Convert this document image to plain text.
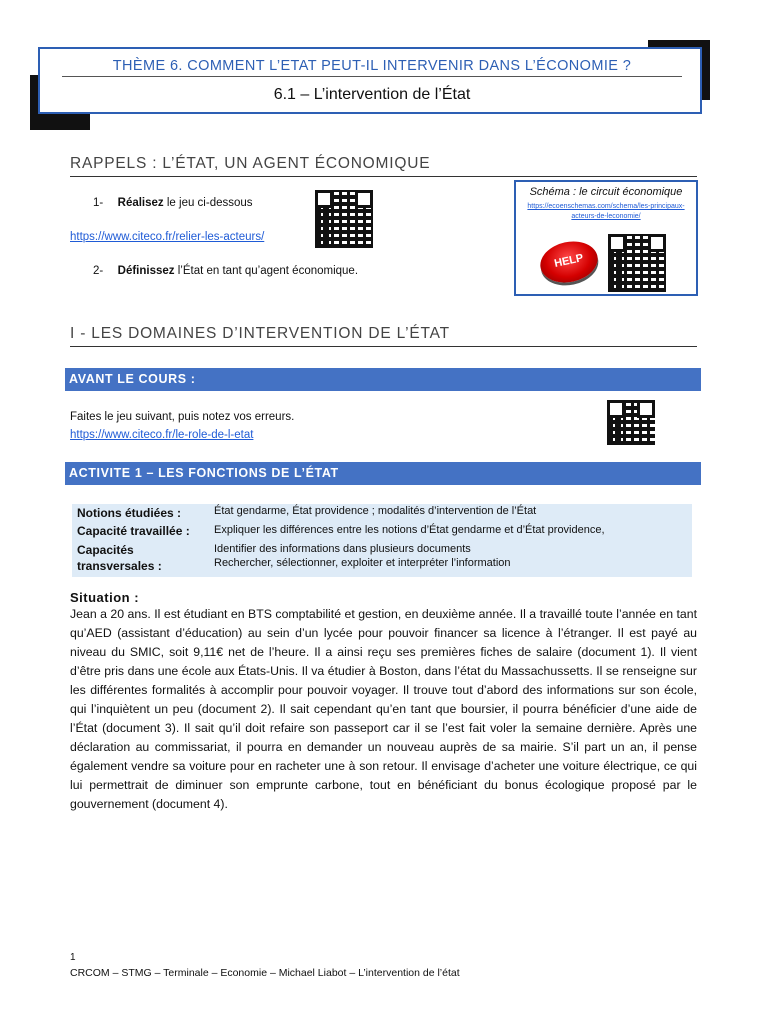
THÈME 6. COMMENT L’ETAT PEUT-IL INTERVENIR DANS L’ÉCONOMIE ?
6.1 – L’intervention de l’État
RAPPELS : L’ÉTAT, UN AGENT ÉCONOMIQUE
1- Réalisez le jeu ci-dessous
https://www.citeco.fr/relier-les-acteurs/
2- Définissez l’État en tant qu’agent économique.
Schéma : le circuit économique
https://ecoenschemas.com/schema/les-principaux-acteurs-de-leconomie/
HELP
I - LES DOMAINES D’INTERVENTION DE L’ÉTAT
AVANT LE COURS :
Faites le jeu suivant, puis notez vos erreurs.
https://www.citeco.fr/le-role-de-l-etat
ACTIVITE 1 – LES FONCTIONS DE L’ÉTAT
Notions étudiées :	État gendarme, État providence ; modalités d’intervention de l’État
Capacité travaillée : Expliquer les différences entre les notions d’État gendarme et d’État providence,
Capacités transversales :
Identifier des informations dans plusieurs documents
Rechercher, sélectionner, exploiter et interpréter l’information
Situation :
Jean a 20 ans. Il est étudiant en BTS comptabilité et gestion, en deuxième année. Il a travaillé toute l’année en tant qu’AED (assistant d’éducation) au sein d’un lycée pour pouvoir financer sa licence à l’étranger. Il est payé au niveau du SMIC, soit 9,11€ net de l’heure. Il a ainsi reçu ses premières fiches de salaire (document 1). Il vient d’être pris dans une école aux États-Unis. Il va étudier à Boston, dans l’état du Massachussetts. Il se renseigne sur les différentes formalités à accomplir pour pouvoir voyager. Il trouve tout d’abord des informations sur son école, qui l’inquiètent un peu (document 2). Il sait cependant qu’en tant que boursier, il pourra bénéficier d’une aide de l’État (document 3). Il sait qu’il doit refaire son passeport car il se l’est fait voler la semaine dernière. Après une déclaration au commissariat, il pourra en demander un nouveau auprès de sa mairie. S’il part un an, il pense également vendre sa voiture pour en racheter une à son retour. Il envisage d’acheter une voiture électrique, ce qui lui permettrait de diminuer son emprunte carbone, tout en bénéficiant du bonus écologique proposé par le gouvernement (document 4).
1
CRCOM – STMG – Terminale – Economie – Michael Liabot – L’intervention de l’état
